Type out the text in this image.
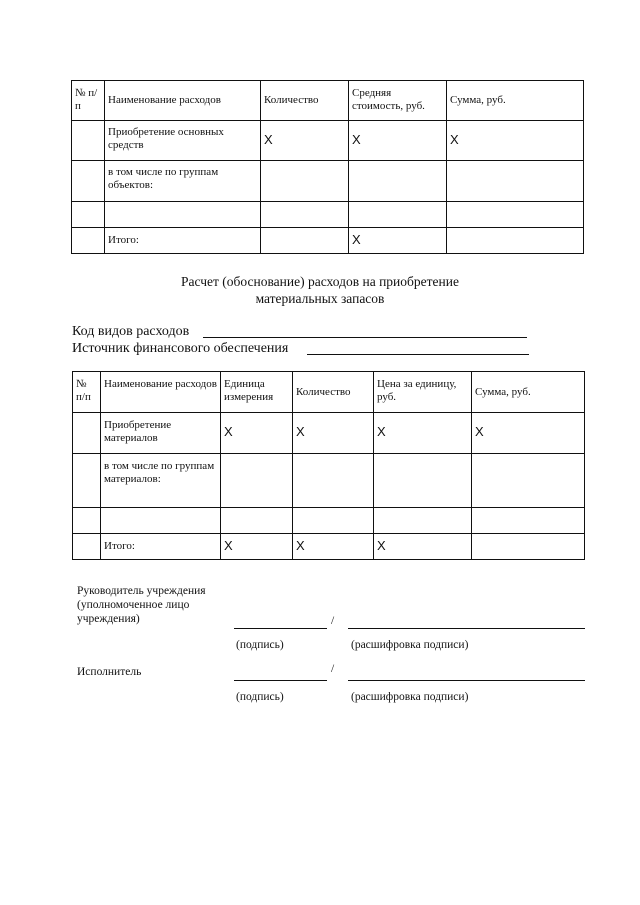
№ п/п	Наименование расходов	Количество	Средняя стоимость, руб.	Сумма, руб.
	Приобретение основных средств	X	X	X
	в том числе по группам объектов:			

	Итого:		X	
Расчет (обоснование) расходов на приобретение
материальных запасов
Код видов расходов
Источник финансового обеспечения
№ п/п	Наименование расходов	Единица измерения	Количество	Цена за единицу, руб.	Сумма, руб.
	Приобретение материалов	X	X	X	X
	в том числе по группам материалов:				

	Итого:	X	X	X	
Руководитель учреждения (уполномоченное лицо учреждения)	/
(подпись)	(расшифровка подписи)
Исполнитель	/
(подпись)	(расшифровка подписи)
